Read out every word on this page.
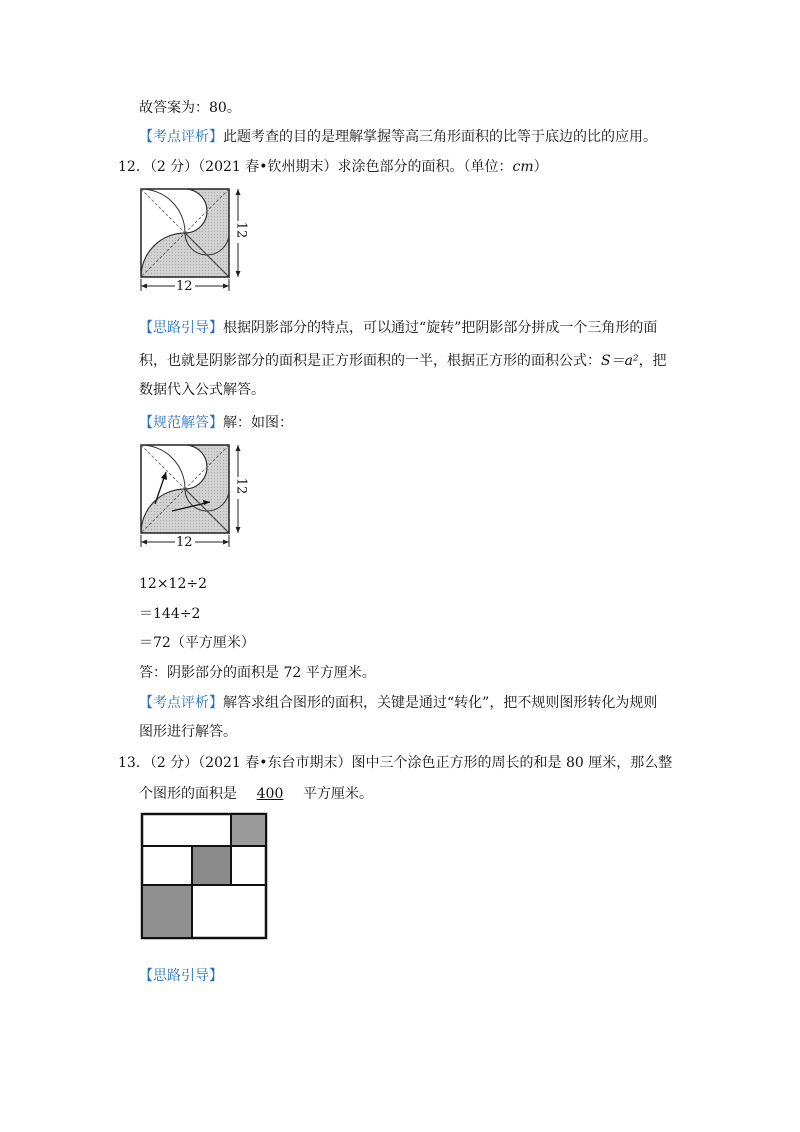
故答案为：80。
【考点评析】此题考查的目的是理解掌握等高三角形面积的比等于底边的比的应用。
12．（2 分）（2021 春•钦州期末）求涂色部分的面积。（单位：cm）
12
12
【思路引导】根据阴影部分的特点，可以通过“旋转”把阴影部分拼成一个三角形的面
积，也就是阴影部分的面积是正方形面积的一半，根据正方形的面积公式：S＝a²，把
数据代入公式解答。
【规范解答】解：如图：
12
12
12×12÷2
＝144÷2
＝72（平方厘米）
答：阴影部分的面积是 72 平方厘米。
【考点评析】解答求组合图形的面积，关键是通过“转化”，把不规则图形转化为规则
图形进行解答。
13．（2 分）（2021 春•东台市期末）图中三个涂色正方形的周长的和是 80 厘米，那么整
个图形的面积是 400 平方厘米。
【思路引导】
